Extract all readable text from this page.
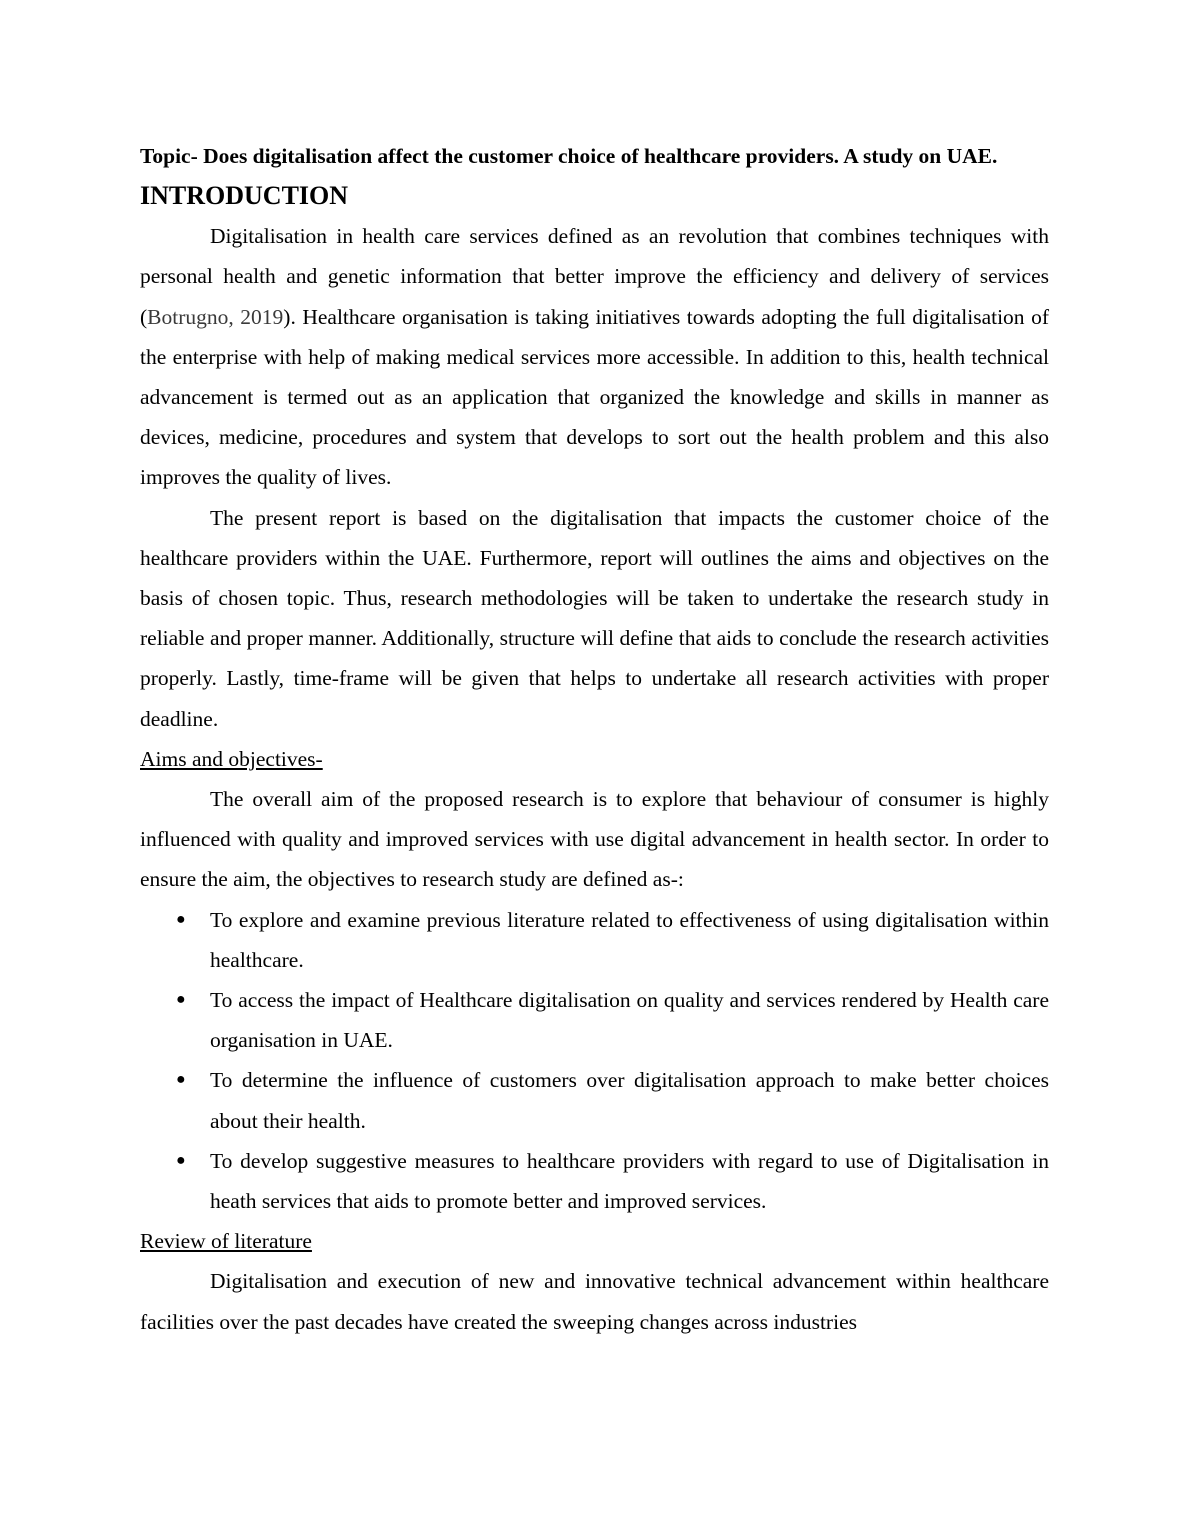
Topic- Does digitalisation affect the customer choice of healthcare providers. A study on UAE.

INTRODUCTION

Digitalisation in health care services defined as an revolution that combines techniques with personal health and genetic information that better improve the efficiency and delivery of services (Botrugno, 2019). Healthcare organisation is taking initiatives towards adopting the full digitalisation of the enterprise with help of making medical services more accessible. In addition to this, health technical advancement is termed out as an application that organized the knowledge and skills in manner as devices, medicine, procedures and system that develops to sort out the health problem and this also improves the quality of lives.

The present report is based on the digitalisation that impacts the customer choice of the healthcare providers within the UAE. Furthermore, report will outlines the aims and objectives on the basis of chosen topic. Thus, research methodologies will be taken to undertake the research study in reliable and proper manner. Additionally, structure will define that aids to conclude the research activities properly. Lastly, time-frame will be given that helps to undertake all research activities with proper deadline.

Aims and objectives-

The overall aim of the proposed research is to explore that behaviour of consumer is highly influenced with quality and improved services with use digital advancement in health sector. In order to ensure the aim, the objectives to research study are defined as-:

● To explore and examine previous literature related to effectiveness of using digitalisation within healthcare.
● To access the impact of Healthcare digitalisation on quality and services rendered by Health care organisation in UAE.
● To determine the influence of customers over digitalisation approach to make better choices about their health.
● To develop suggestive measures to healthcare providers with regard to use of Digitalisation in heath services that aids to promote better and improved services.

Review of literature

Digitalisation and execution of new and innovative technical advancement within healthcare facilities over the past decades have created the sweeping changes across industries
